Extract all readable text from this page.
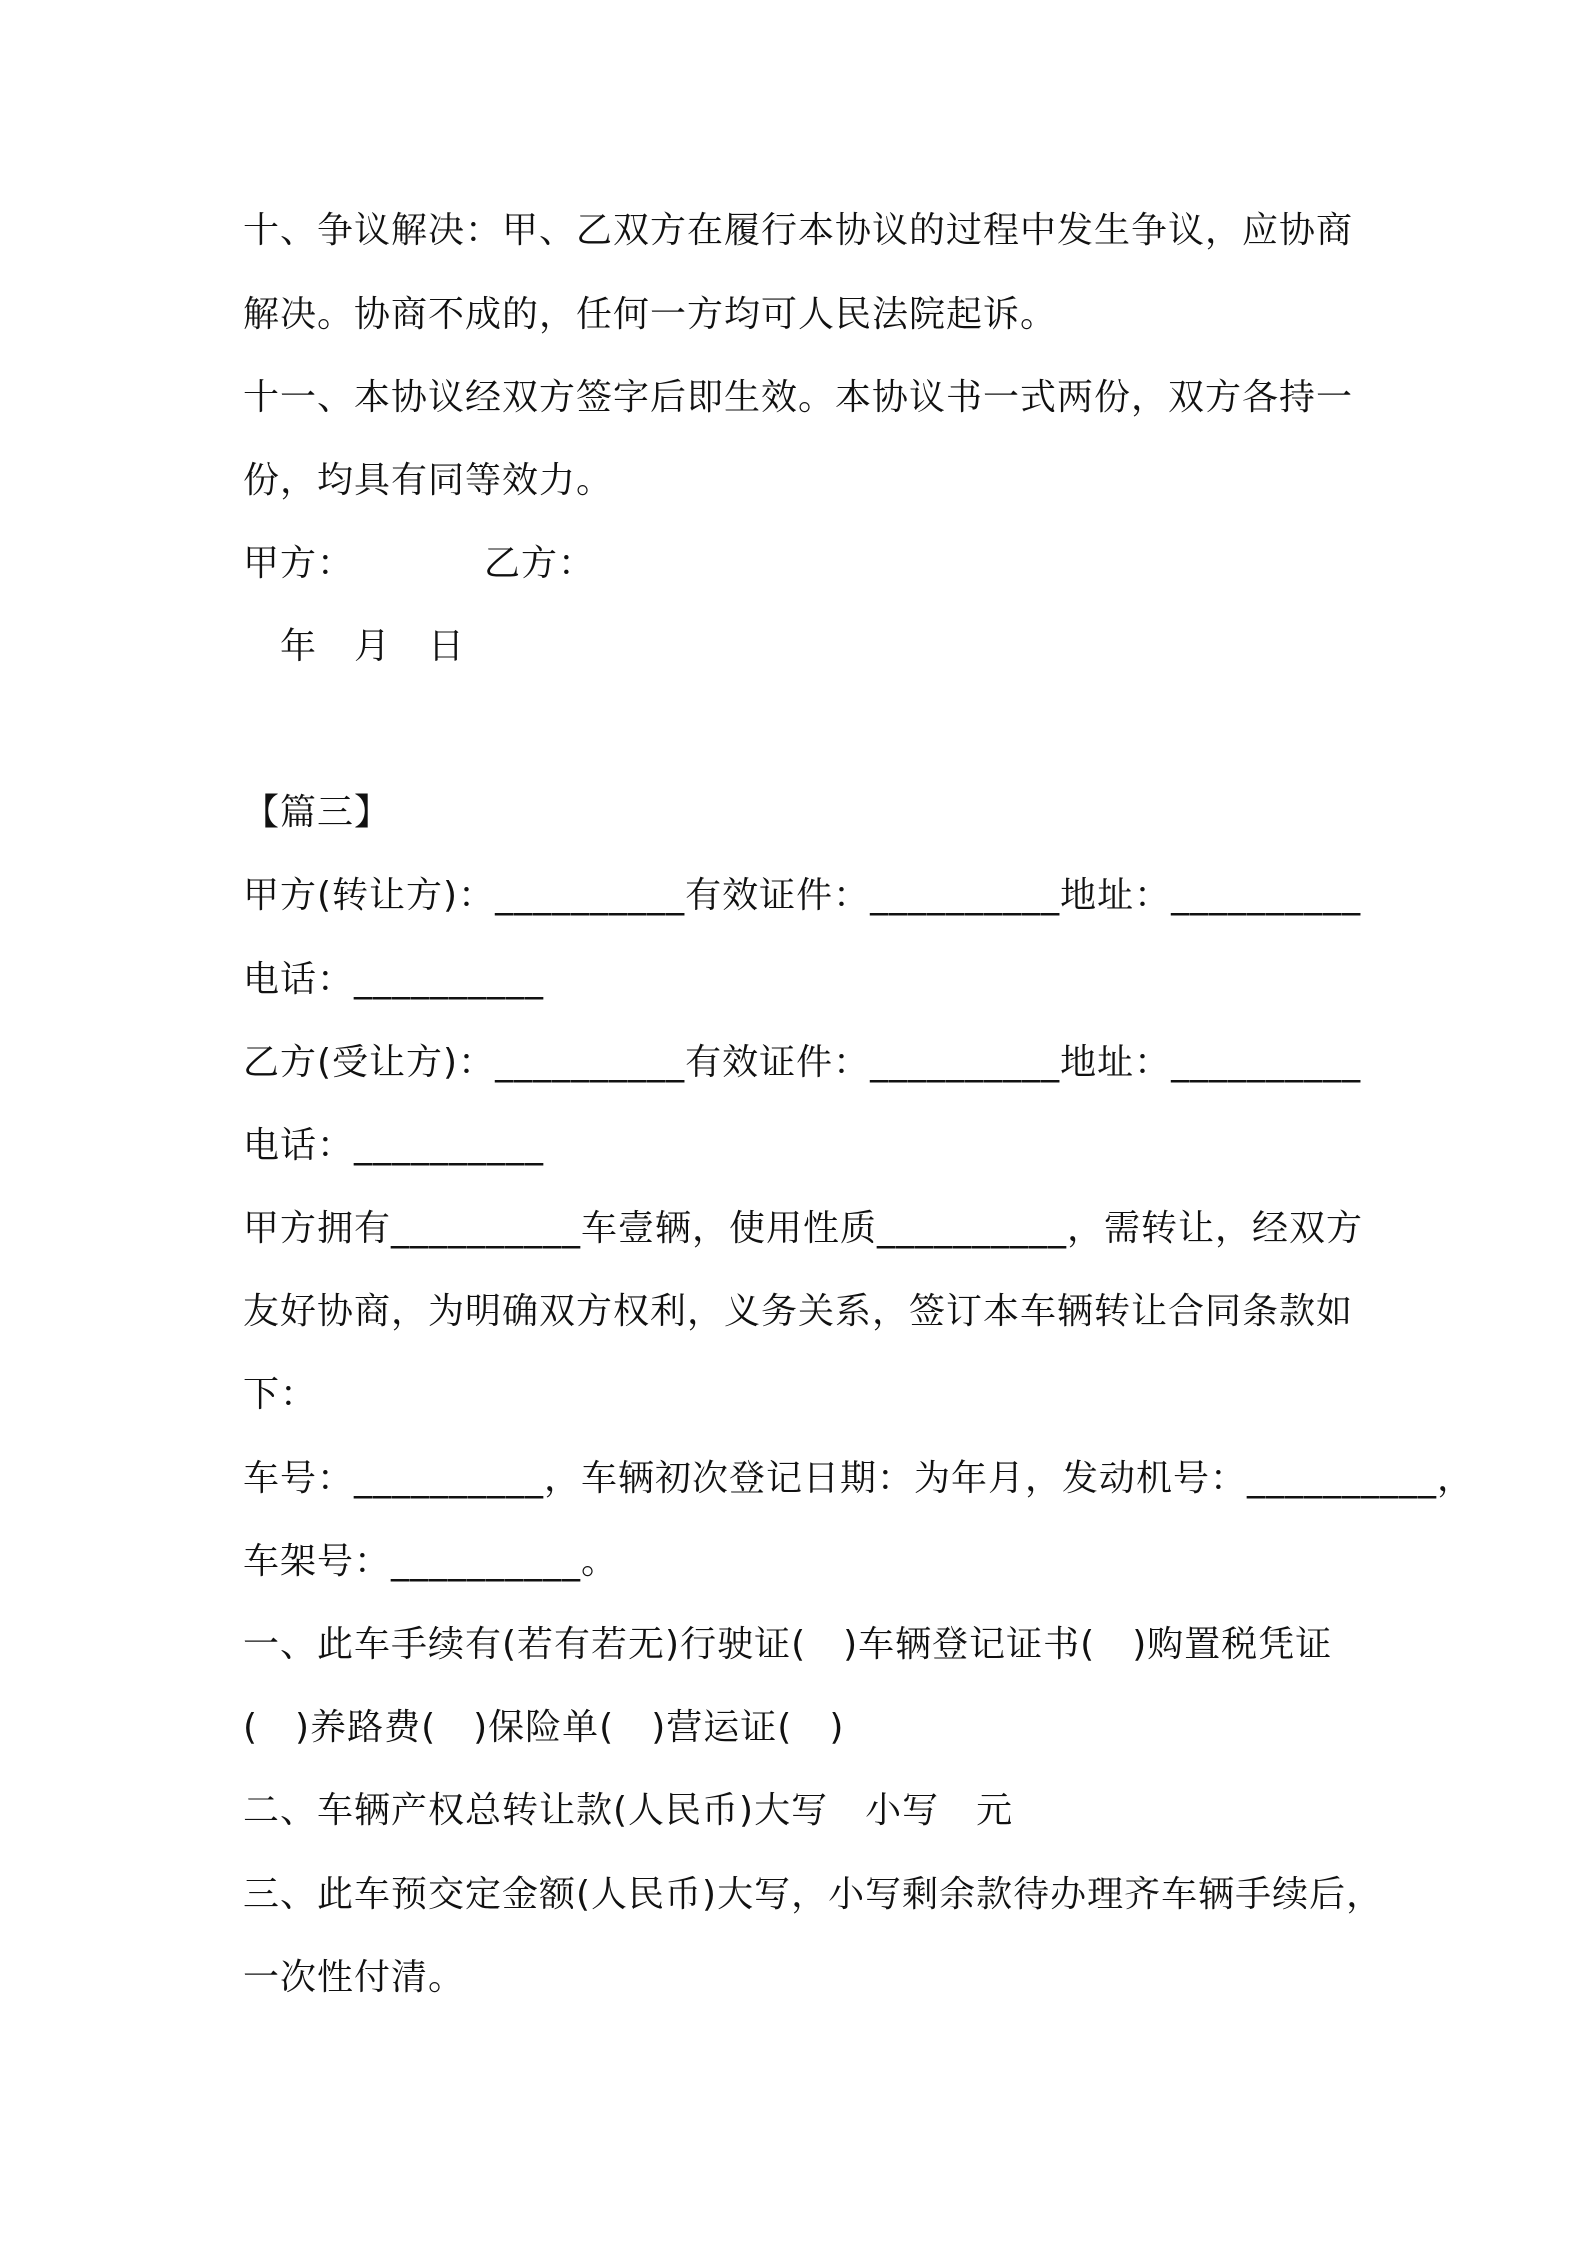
十、争议解决：甲、乙双方在履行本协议的过程中发生争议，应协商

解决。协商不成的，任何一方均可人民法院起诉。

十一、本协议经双方签字后即生效。本协议书一式两份，双方各持一

份，均具有同等效力。

甲方：　　　　乙方：

　年　月　日

【篇三】

甲方(转让方)：__________有效证件：__________地址：__________

电话：__________

乙方(受让方)：__________有效证件：__________地址：__________

电话：__________

甲方拥有__________车壹辆，使用性质__________，需转让，经双方

友好协商，为明确双方权利，义务关系，签订本车辆转让合同条款如

下：

车号：__________，车辆初次登记日期：为年月，发动机号：__________，

车架号：__________。

一、此车手续有(若有若无)行驶证(　)车辆登记证书(　)购置税凭证

(　)养路费(　)保险单(　)营运证(　)

二、车辆产权总转让款(人民币)大写　小写　元

三、此车预交定金额(人民币)大写，小写剩余款待办理齐车辆手续后，

一次性付清。
